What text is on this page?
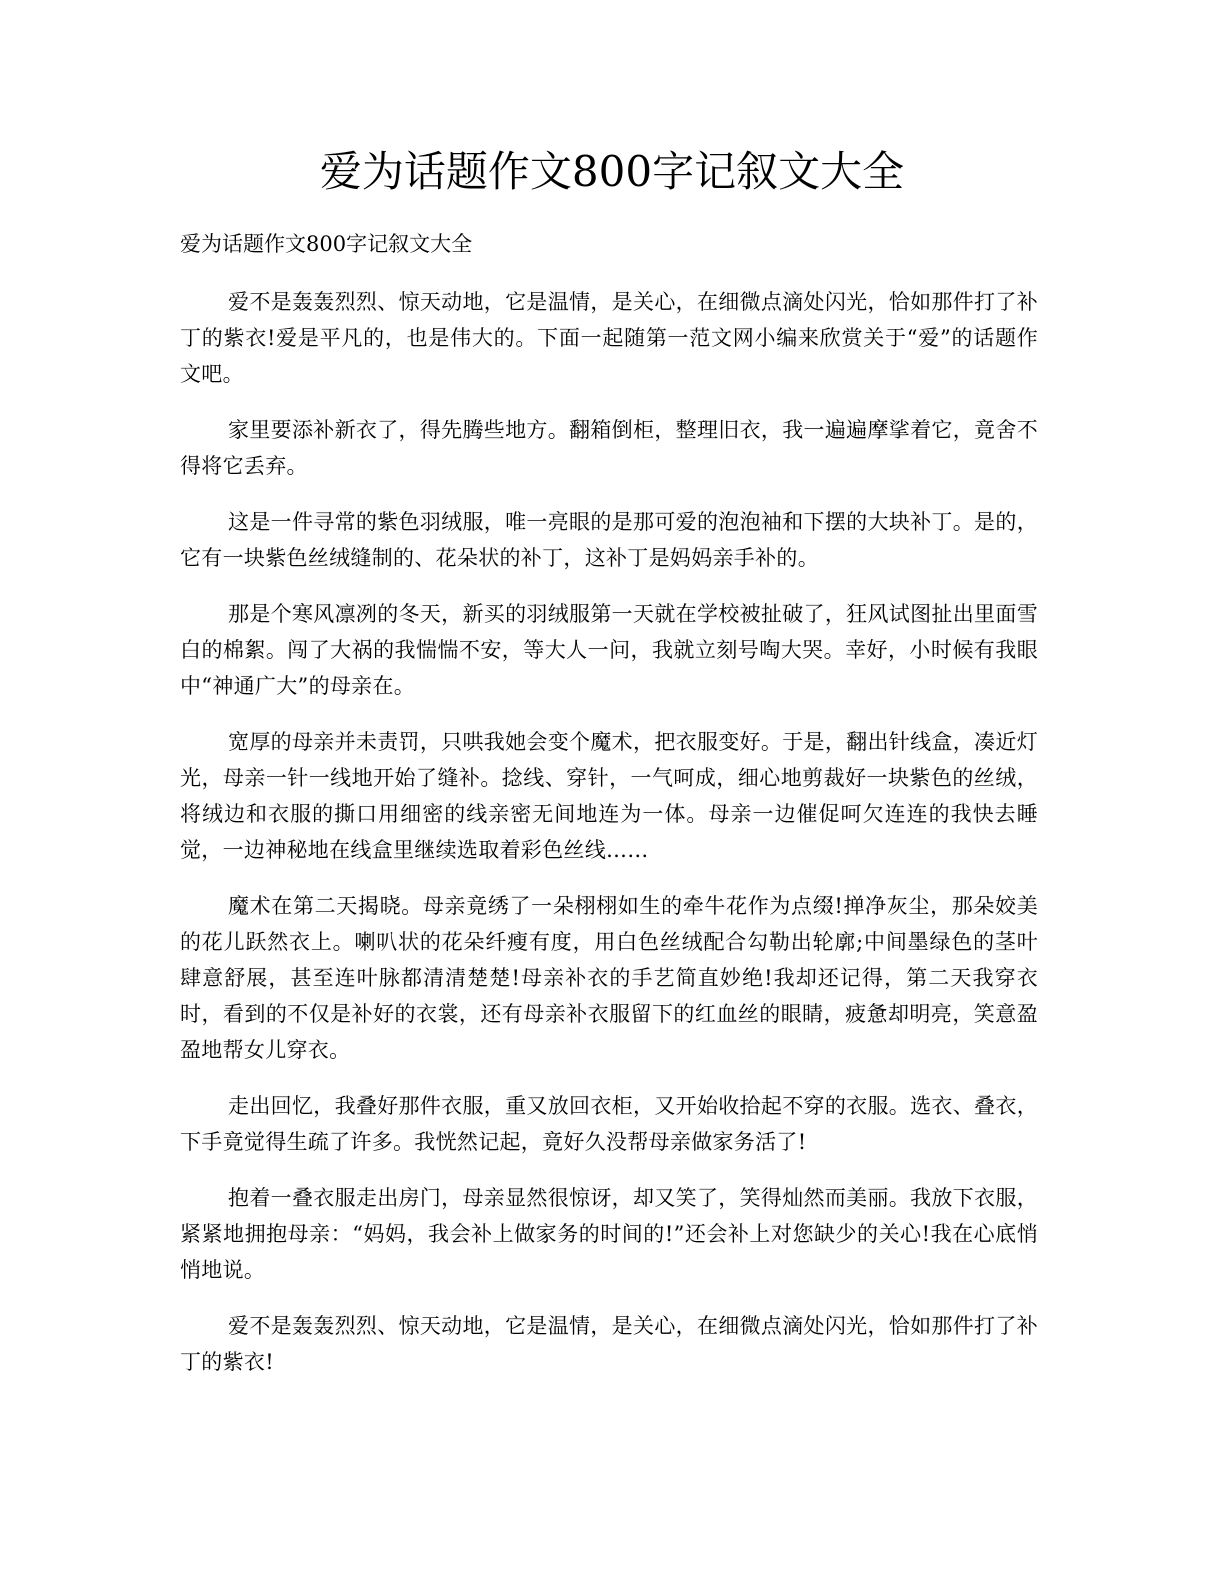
爱为话题作文800字记叙文大全

爱为话题作文800字记叙文大全

爱不是轰轰烈烈、惊天动地，它是温情，是关心，在细微点滴处闪光，恰如那件打了补丁的紫衣!爱是平凡的，也是伟大的。下面一起随第一范文网小编来欣赏关于“爱”的话题作文吧。

家里要添补新衣了，得先腾些地方。翻箱倒柜，整理旧衣，我一遍遍摩挲着它，竟舍不得将它丢弃。

这是一件寻常的紫色羽绒服，唯一亮眼的是那可爱的泡泡袖和下摆的大块补丁。是的，它有一块紫色丝绒缝制的、花朵状的补丁，这补丁是妈妈亲手补的。

那是个寒风凛冽的冬天，新买的羽绒服第一天就在学校被扯破了，狂风试图扯出里面雪白的棉絮。闯了大祸的我惴惴不安，等大人一问，我就立刻号啕大哭。幸好，小时候有我眼中“神通广大”的母亲在。

宽厚的母亲并未责罚，只哄我她会变个魔术，把衣服变好。于是，翻出针线盒，凑近灯光，母亲一针一线地开始了缝补。捻线、穿针，一气呵成，细心地剪裁好一块紫色的丝绒，将绒边和衣服的撕口用细密的线亲密无间地连为一体。母亲一边催促呵欠连连的我快去睡觉，一边神秘地在线盒里继续选取着彩色丝线……

魔术在第二天揭晓。母亲竟绣了一朵栩栩如生的牵牛花作为点缀!掸净灰尘，那朵姣美的花儿跃然衣上。喇叭状的花朵纤瘦有度，用白色丝绒配合勾勒出轮廓;中间墨绿色的茎叶肆意舒展，甚至连叶脉都清清楚楚!母亲补衣的手艺简直妙绝!我却还记得，第二天我穿衣时，看到的不仅是补好的衣裳，还有母亲补衣服留下的红血丝的眼睛，疲惫却明亮，笑意盈盈地帮女儿穿衣。

走出回忆，我叠好那件衣服，重又放回衣柜，又开始收拾起不穿的衣服。选衣、叠衣，下手竟觉得生疏了许多。我恍然记起，竟好久没帮母亲做家务活了!

抱着一叠衣服走出房门，母亲显然很惊讶，却又笑了，笑得灿然而美丽。我放下衣服，紧紧地拥抱母亲：“妈妈，我会补上做家务的时间的!”还会补上对您缺少的关心!我在心底悄悄地说。

爱不是轰轰烈烈、惊天动地，它是温情，是关心，在细微点滴处闪光，恰如那件打了补丁的紫衣!
